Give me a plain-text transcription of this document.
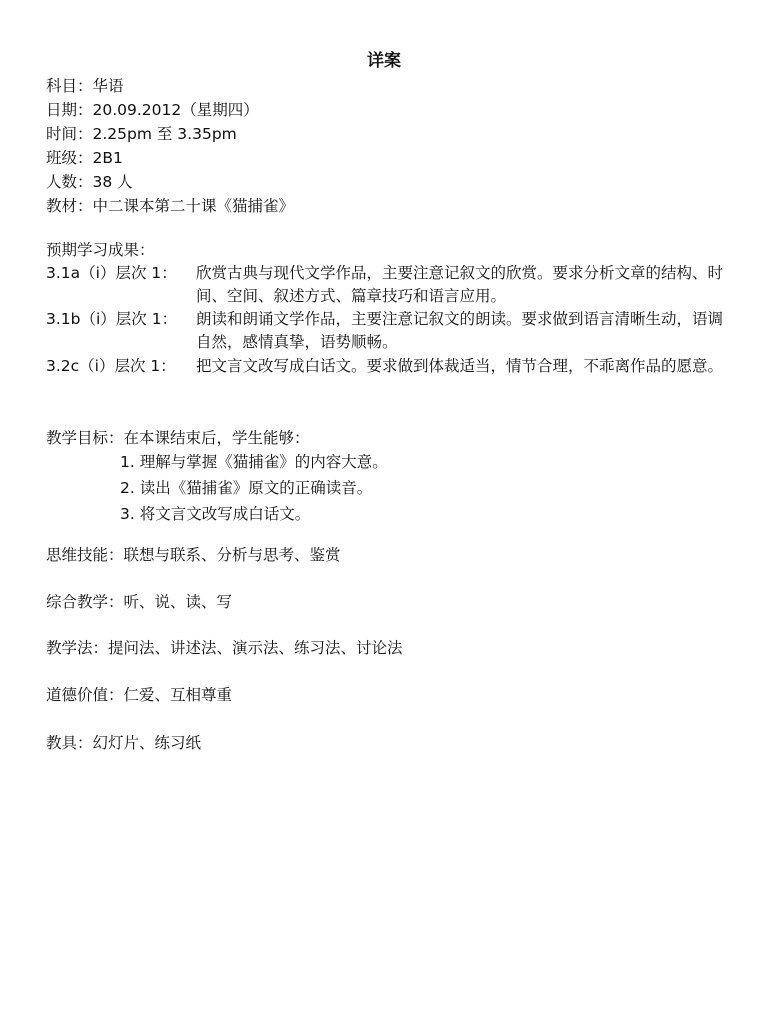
详案
科目：华语
日期：20.09.2012（星期四）
时间：2.25pm 至 3.35pm
班级：2B1
人数：38 人
教材：中二课本第二十课《猫捕雀》
预期学习成果：
3.1a（i）层次 1： 欣赏古典与现代文学作品，主要注意记叙文的欣赏。要求分析文章的结构、时间、空间、叙述方式、篇章技巧和语言应用。
3.1b（i）层次 1： 朗读和朗诵文学作品，主要注意记叙文的朗读。要求做到语言清晰生动，语调自然，感情真挚，语势顺畅。
3.2c（i）层次 1： 把文言文改写成白话文。要求做到体裁适当，情节合理，不乖离作品的愿意。
教学目标：在本课结束后，学生能够：
1. 理解与掌握《猫捕雀》的内容大意。
2. 读出《猫捕雀》原文的正确读音。
3. 将文言文改写成白话文。
思维技能：联想与联系、分析与思考、鉴赏
综合教学：听、说、读、写
教学法：提问法、讲述法、演示法、练习法、讨论法
道德价值：仁爱、互相尊重
教具：幻灯片、练习纸
